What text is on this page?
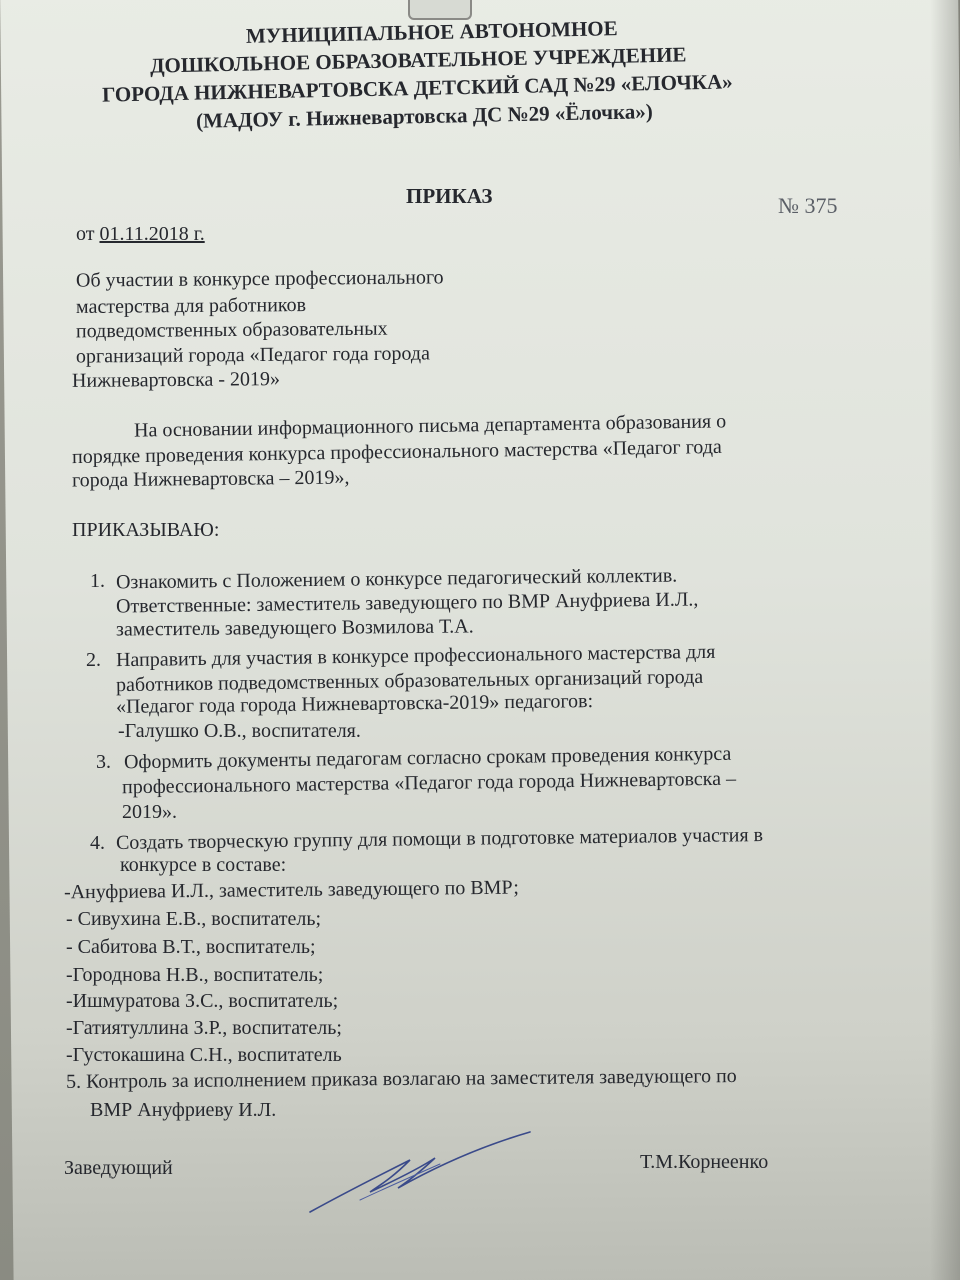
МУНИЦИПАЛЬНОЕ АВТОНОМНОЕ
ДОШКОЛЬНОЕ ОБРАЗОВАТЕЛЬНОЕ УЧРЕЖДЕНИЕ
ГОРОДА НИЖНЕВАРТОВСКА ДЕТСКИЙ САД №29 «ЕЛОЧКА»
(МАДОУ г. Нижневартовска ДС №29 «Ёлочка»)
ПРИКАЗ	№ 375
от 01.11.2018 г.
Об участии в конкурсе профессионального
мастерства для работников
подведомственных образовательных
организаций города «Педагог года города
Нижневартовска - 2019»
На основании информационного письма департамента образования о
порядке проведения конкурса профессионального мастерства «Педагог года
города Нижневартовска – 2019»,
ПРИКАЗЫВАЮ:
1. Ознакомить с Положением о конкурсе педагогический коллектив.
Ответственные: заместитель заведующего по ВМР Ануфриева И.Л.,
заместитель заведующего Возмилова Т.А.
2. Направить для участия в конкурсе профессионального мастерства для
работников подведомственных образовательных организаций города
«Педагог года города Нижневартовска-2019» педагогов:
-Галушко О.В., воспитателя.
3. Оформить документы педагогам согласно срокам проведения конкурса
профессионального мастерства «Педагог года города Нижневартовска –
2019».
4. Создать творческую группу для помощи в подготовке материалов участия в
конкурсе в составе:
-Ануфриева И.Л., заместитель заведующего по ВМР;
- Сивухина Е.В., воспитатель;
- Сабитова В.Т., воспитатель;
-Городнова Н.В., воспитатель;
-Ишмуратова З.С., воспитатель;
-Гатиятуллина З.Р., воспитатель;
-Густокашина С.Н., воспитатель
5. Контроль за исполнением приказа возлагаю на заместителя заведующего по
ВМР Ануфриеву И.Л.
Заведующий	Т.М.Корнеенко
